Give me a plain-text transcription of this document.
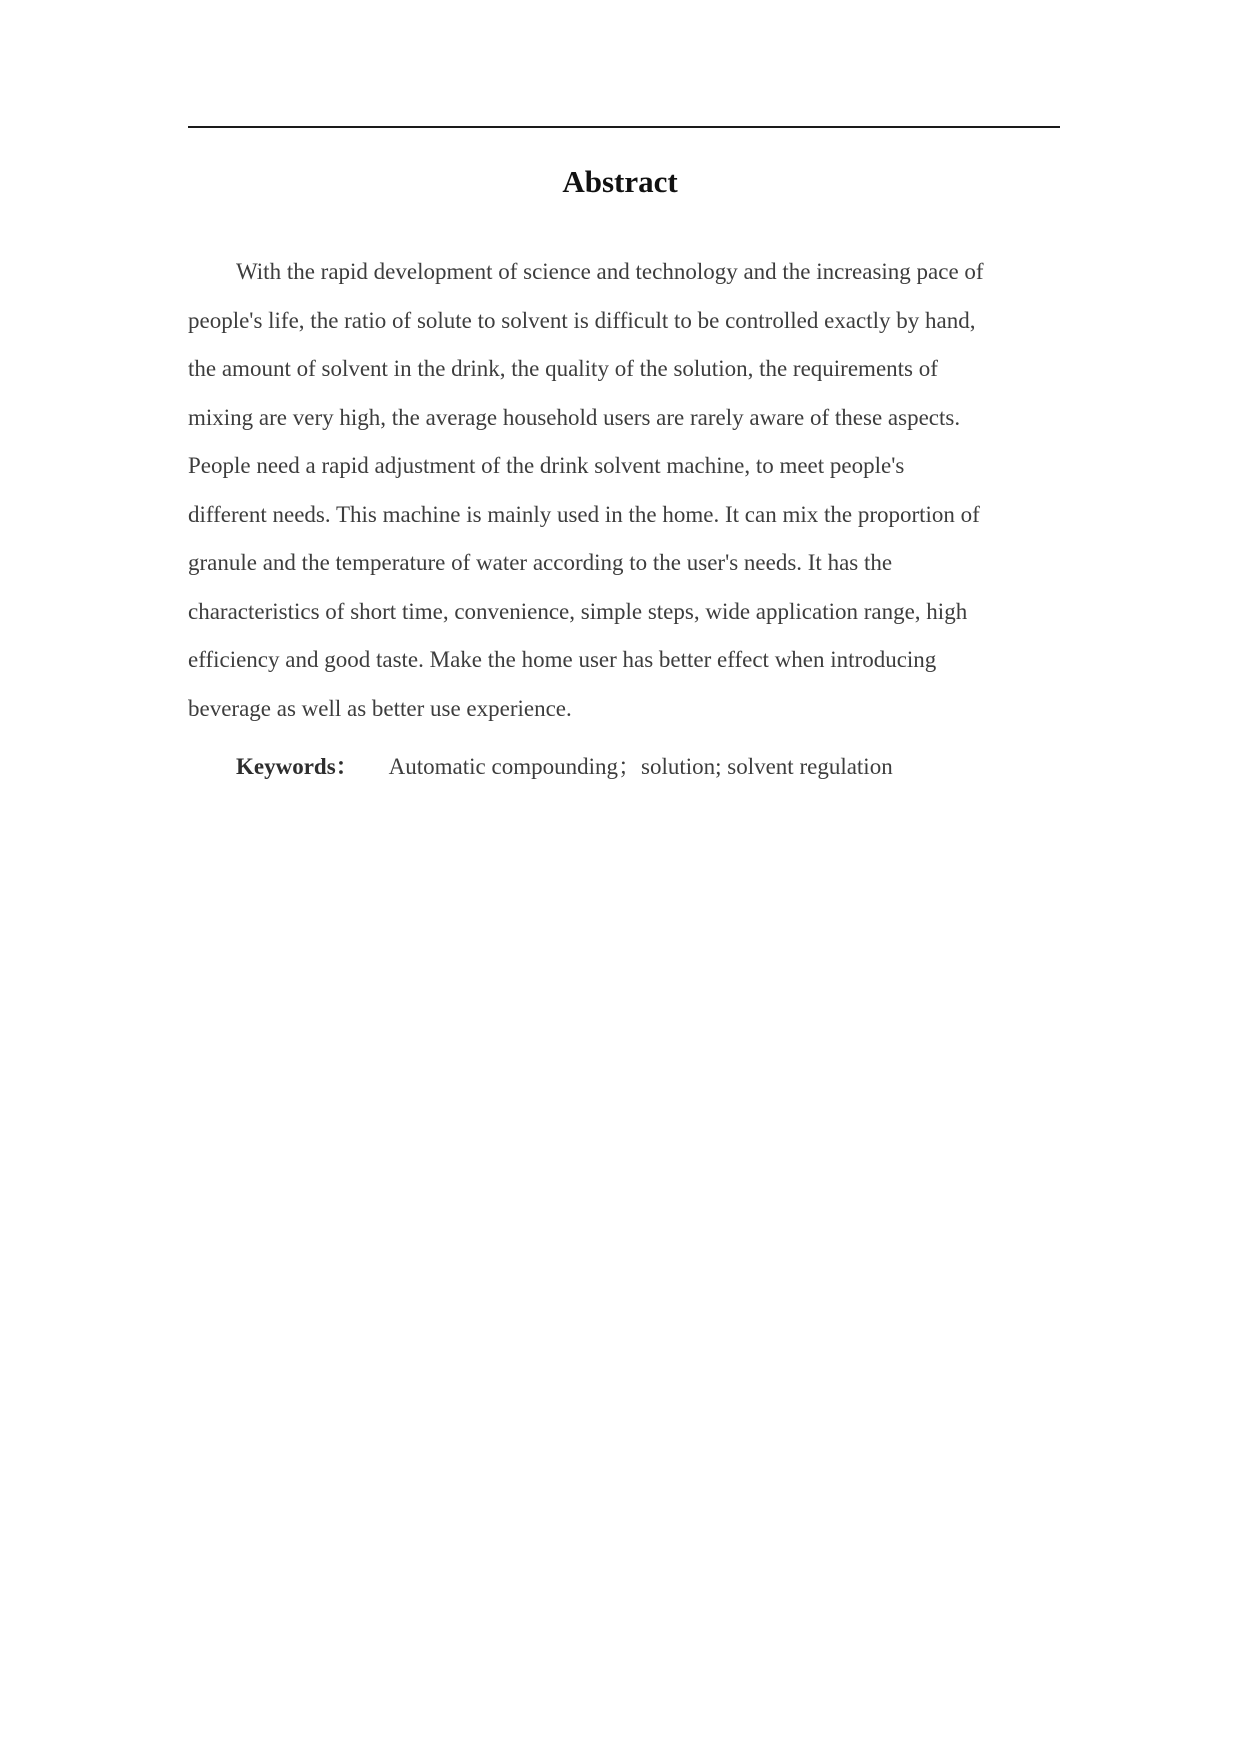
Abstract
With the rapid development of science and technology and the increasing pace of
people's life, the ratio of solute to solvent is difficult to be controlled exactly by hand,
the amount of solvent in the drink, the quality of the solution, the requirements of
mixing are very high, the average household users are rarely aware of these aspects.
People need a rapid adjustment of the drink solvent machine, to meet people's
different needs. This machine is mainly used in the home. It can mix the proportion of
granule and the temperature of water according to the user's needs. It has the
characteristics of short time, convenience, simple steps, wide application range, high
efficiency and good taste. Make the home user has better effect when introducing
beverage as well as better use experience.

Keywords： Automatic compounding；solution; solvent regulation
